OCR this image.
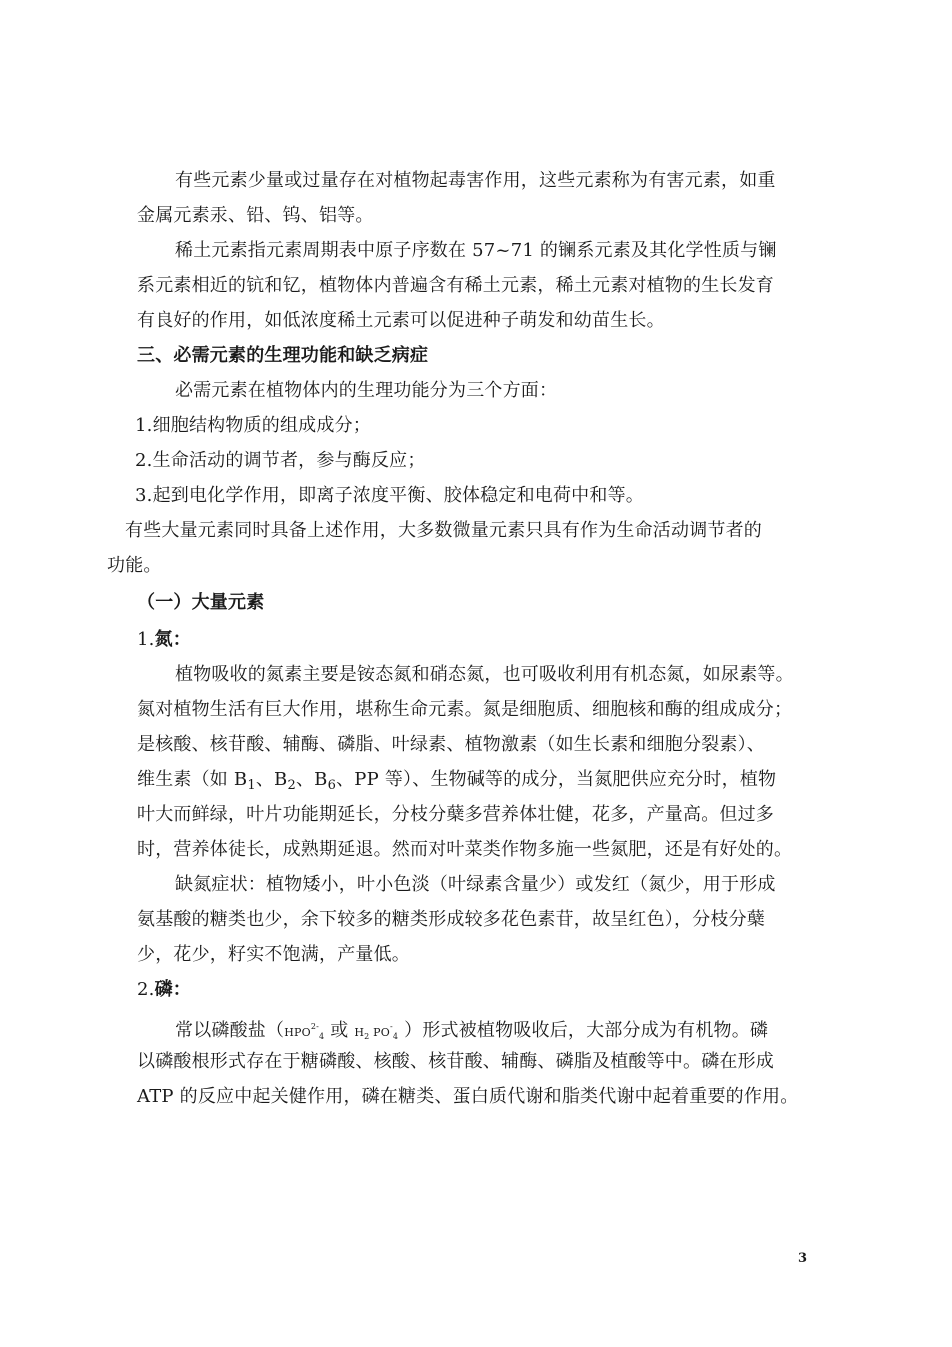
有些元素少量或过量存在对植物起毒害作用，这些元素称为有害元素，如重
金属元素汞、铅、钨、铝等。
稀土元素指元素周期表中原子序数在 57~71 的镧系元素及其化学性质与镧
系元素相近的钪和钇，植物体内普遍含有稀土元素，稀土元素对植物的生长发育
有良好的作用，如低浓度稀土元素可以促进种子萌发和幼苗生长。
三、必需元素的生理功能和缺乏病症
必需元素在植物体内的生理功能分为三个方面：
1.细胞结构物质的组成成分；
2.生命活动的调节者，参与酶反应；
3.起到电化学作用，即离子浓度平衡、胶体稳定和电荷中和等。
有些大量元素同时具备上述作用，大多数微量元素只具有作为生命活动调节者的
功能。
（一）大量元素
1.氮：
植物吸收的氮素主要是铵态氮和硝态氮，也可吸收利用有机态氮，如尿素等。
氮对植物生活有巨大作用，堪称生命元素。氮是细胞质、细胞核和酶的组成成分；
是核酸、核苷酸、辅酶、磷脂、叶绿素、植物激素（如生长素和细胞分裂素）、
维生素（如 $B_1$、$B_2$、$B_6$、PP 等）、生物碱等的成分，当氮肥供应充分时，植物
叶大而鲜绿，叶片功能期延长，分枝分蘖多营养体壮健，花多，产量高。但过多
时，营养体徒长，成熟期延退。然而对叶菜类作物多施一些氮肥，还是有好处的。
缺氮症状：植物矮小，叶小色淡（叶绿素含量少）或发红（氮少，用于形成
氨基酸的糖类也少，余下较多的糖类形成较多花色素苷，故呈红色），分枝分蘖
少，花少，籽实不饱满，产量低。
2.磷：
常以磷酸盐（$HPO^{2-}4$ 或 H2 PO-4 ）形式被植物吸收后，大部分成为有机物。磷
以磷酸根形式存在于糖磷酸、核酸、核苷酸、辅酶、磷脂及植酸等中。磷在形成
ATP 的反应中起关健作用，磷在糖类、蛋白质代谢和脂类代谢中起着重要的作用。
3
